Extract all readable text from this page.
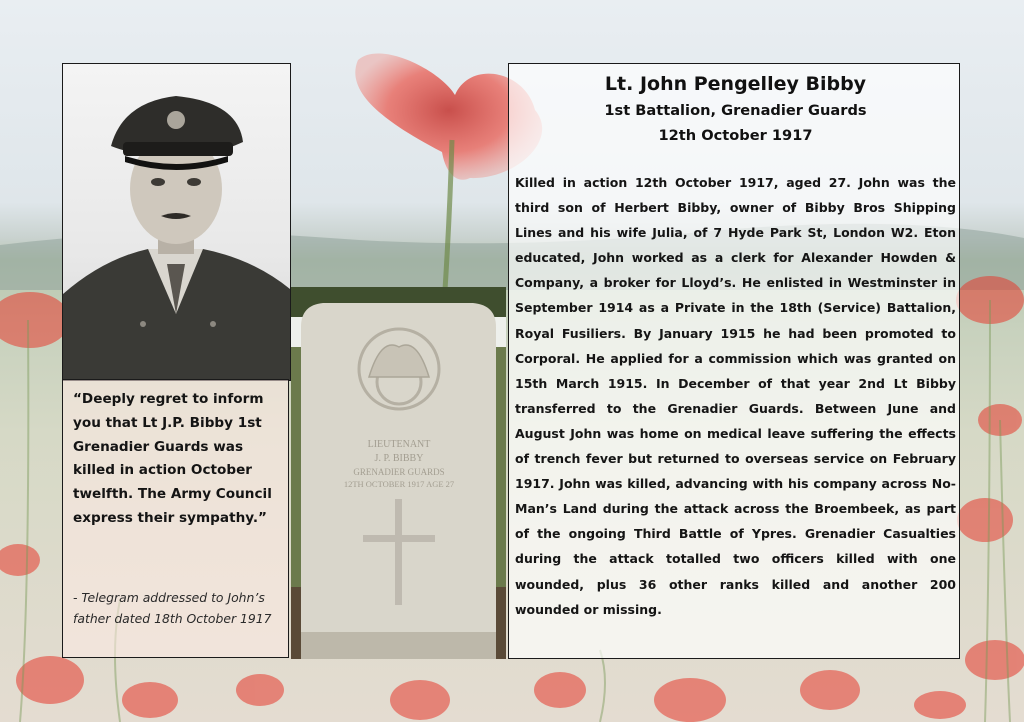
“Deeply regret to inform you that Lt J.P. Bibby 1st Grenadier Guards was killed in action October twelfth. The Army Council express their sympathy.”

- Telegram addressed to John’s father dated 18th October 1917
LIEUTENANT
J. P. BIBBY
GRENADIER GUARDS
12TH OCTOBER 1917 AGE 27
Lt. John Pengelley Bibby

1st Battalion, Grenadier Guards

12th October 1917

Killed in action 12th October 1917, aged 27. John was the third son of Herbert Bibby, owner of Bibby Bros Shipping Lines and his wife Julia, of 7 Hyde Park St, London W2. Eton educated, John worked as a clerk for Alexander Howden & Company, a broker for Lloyd’s. He enlisted in Westminster in September 1914 as a Private in the 18th (Service) Battalion, Royal Fusiliers. By January 1915 he had been promoted to Corporal. He applied for a commission which was granted on 15th March 1915. In December of that year 2nd Lt Bibby transferred to the Grenadier Guards. Between June and August John was home on medical leave suffering the effects of trench fever but returned to overseas service on February 1917. John was killed, advancing with his company across No-Man’s Land during the attack across the Broembeek, as part of the ongoing Third Battle of Ypres. Grenadier Casualties during the attack totalled two officers killed with one wounded, plus 36 other ranks killed and another 200 wounded or missing.
